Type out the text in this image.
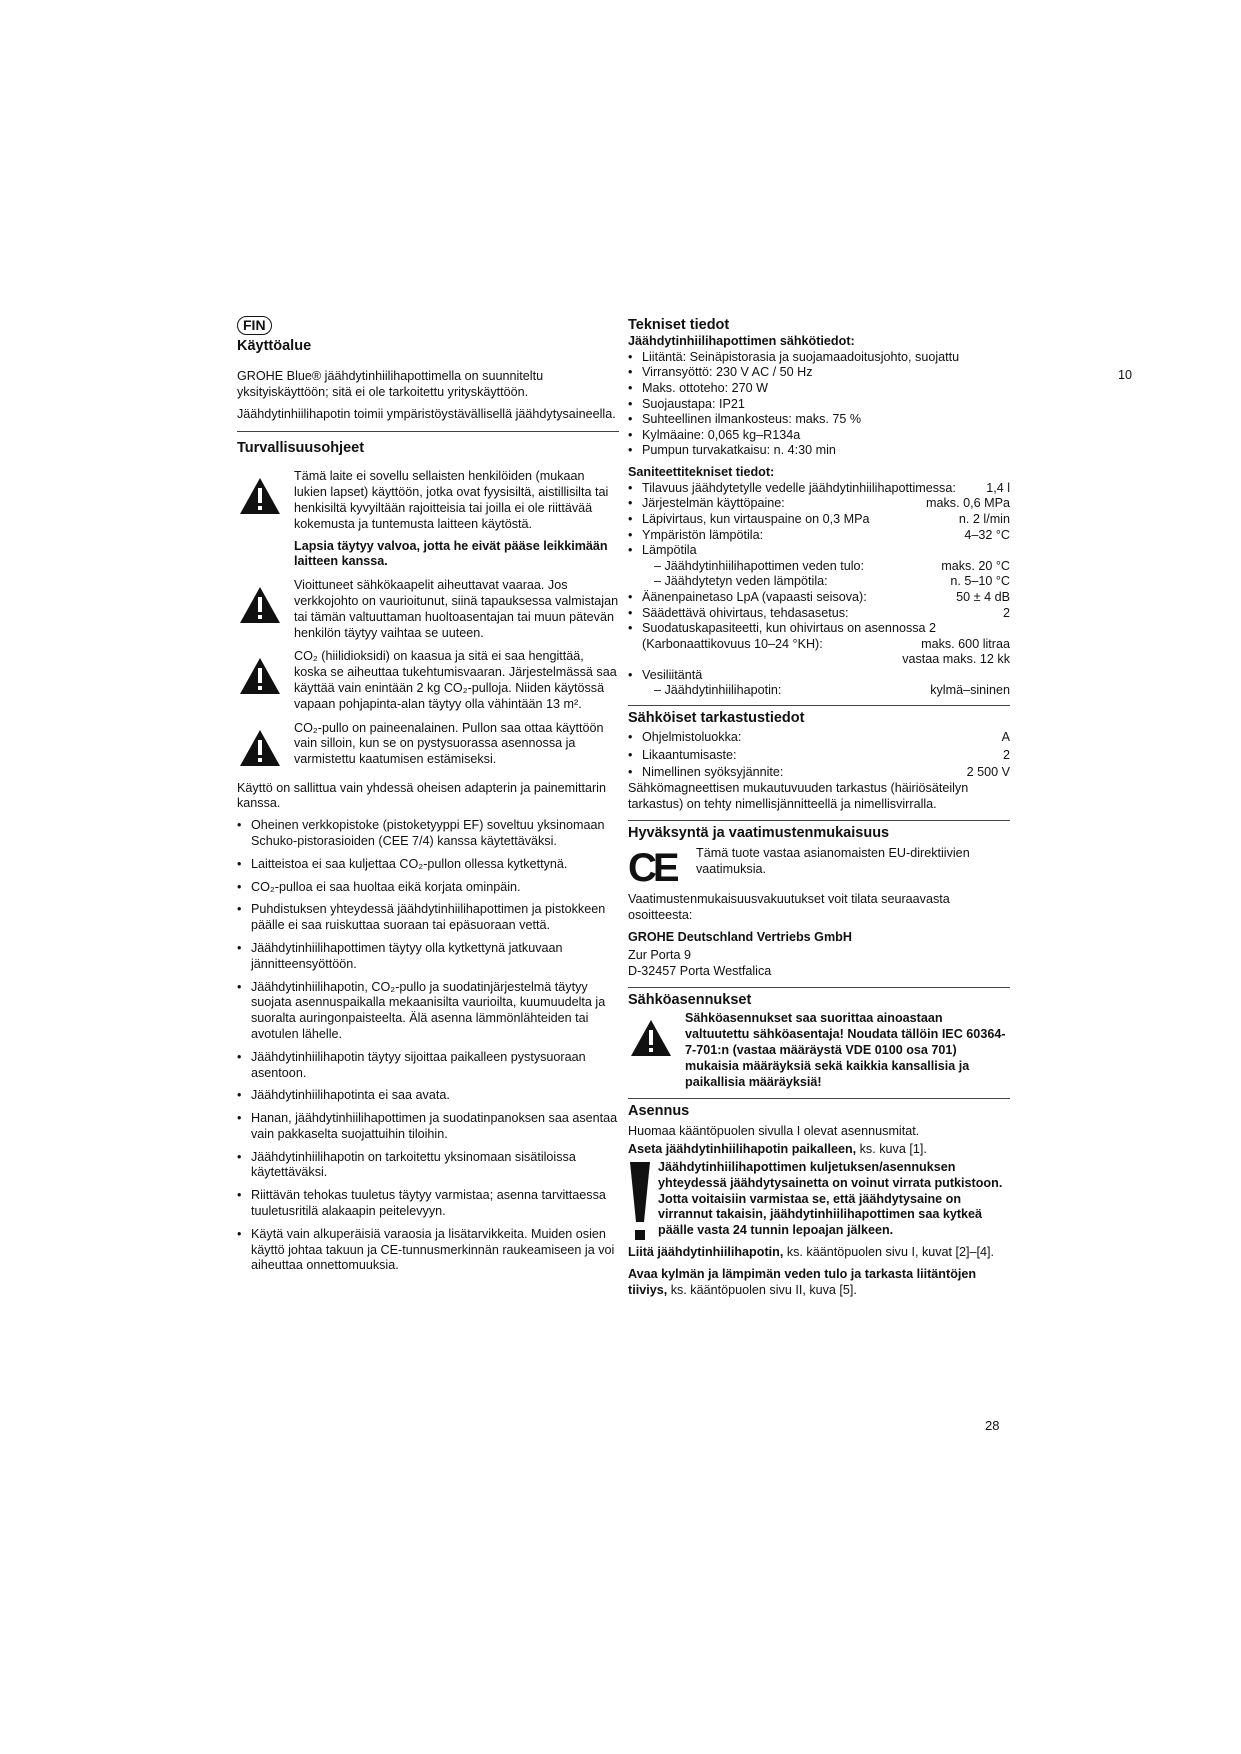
FIN
Käyttöalue

GROHE Blue® jäähdytinhiilihapottimella on suunniteltu yksityiskäyttöön; sitä ei ole tarkoitettu yrityskäyttöön.

Jäähdytinhiilihapotin toimii ympäristöystävällisellä jäähdytysaineella.

Turvallisuusohjeet

Tämä laite ei sovellu sellaisten henkilöiden (mukaan lukien lapset) käyttöön, jotka ovat fyysisiltä, aistillisilta tai henkisiltä kyvyiltään rajoitteisia tai joilla ei ole riittävää kokemusta ja tuntemusta laitteen käytöstä.

Lapsia täytyy valvoa, jotta he eivät pääse leikkimään laitteen kanssa.

Vioittuneet sähkökaapelit aiheuttavat vaaraa. Jos verkkojohto on vaurioitunut, siinä tapauksessa valmistajan tai tämän valtuuttaman huoltoasentajan tai muun pätevän henkilön täytyy vaihtaa se uuteen.

CO₂ (hiilidioksidi) on kaasua ja sitä ei saa hengittää, koska se aiheuttaa tukehtumisvaaran. Järjestelmässä saa käyttää vain enintään 2 kg CO₂-pulloja. Niiden käytössä vapaan pohjapinta-alan täytyy olla vähintään 13 m².

CO₂-pullo on paineenalainen. Pullon saa ottaa käyttöön vain silloin, kun se on pystysuorassa asennossa ja varmistettu kaatumisen estämiseksi.

Käyttö on sallittua vain yhdessä oheisen adapterin ja painemittarin kanssa.

• Oheinen verkkopistoke (pistoketyyppi EF) soveltuu yksinomaan Schuko-pistorasioiden (CEE 7/4) kanssa käytettäväksi.
• Laitteistoa ei saa kuljettaa CO₂-pullon ollessa kytkettynä.
• CO₂-pulloa ei saa huoltaa eikä korjata ominpäin.
• Puhdistuksen yhteydessä jäähdytinhiilihapottimen ja pistokkeen päälle ei saa ruiskuttaa suoraan tai epäsuoraan vettä.
• Jäähdytinhiilihapottimen täytyy olla kytkettynä jatkuvaan jännitteensyöttöön.
• Jäähdytinhiilihapotin, CO₂-pullo ja suodatinjärjestelmä täytyy suojata asennuspaikalla mekaanisilta vaurioilta, kuumuudelta ja suoralta auringonpaisteelta. Älä asenna lämmönlähteiden tai avotulen lähelle.
• Jäähdytinhiilihapotin täytyy sijoittaa paikalleen pystysuoraan asentoon.
• Jäähdytinhiilihapotinta ei saa avata.
• Hanan, jäähdytinhiilihapottimen ja suodatinpanoksen saa asentaa vain pakkaselta suojattuihin tiloihin.
• Jäähdytinhiilihapotin on tarkoitettu yksinomaan sisätiloissa käytettäväksi.
• Riittävän tehokas tuuletus täytyy varmistaa; asenna tarvittaessa tuuletusritilä alakaapin peitelevyyn.
• Käytä vain alkuperäisiä varaosia ja lisätarvikkeita. Muiden osien käyttö johtaa takuun ja CE-tunnusmerkinnän raukeamiseen ja voi aiheuttaa onnettomuuksia.
Tekniset tiedot
Jäähdytinhiilihapottimen sähkötiedot:
• Liitäntä: Seinäpistorasia ja suojamaadoitusjohto, suojattu
• Virransyöttö: 230 V AC / 50 Hz
• Maks. ottoteho: 270 W
• Suojaustapa: IP21
• Suhteellinen ilmankosteus: maks. 75 %
• Kylmäaine: 0,065 kg–R134a
• Pumpun turvakatkaisu: n. 4:30 min
Saniteettitekniset tiedot:
• Tilavuus jäähdytetylle vedelle jäähdytinhiilihapottimessa:	1,4 l
• Järjestelmän käyttöpaine:	maks. 0,6 MPa
• Läpivirtaus, kun virtauspaine on 0,3 MPa	n. 2 l/min
• Ympäristön lämpötila:	4–32 °C
• Lämpötila
– Jäähdytinhiilihapottimen veden tulo:	maks. 20 °C
– Jäähdytetyn veden lämpötila:	n. 5–10 °C
• Äänenpainetaso LpA (vapaasti seisova):	50 ± 4 dB
• Säädettävä ohivirtaus, tehdasasetus:	2
• Suodatuskapasiteetti, kun ohivirtaus on asennossa 2
(Karbonaattikovuus 10–24 °KH):	maks. 600 litraa
vastaa maks. 12 kk
• Vesiliitäntä
– Jäähdytinhiilihapotin:	kylmä–sininen
Sähköiset tarkastustiedot
• Ohjelmistoluokka:	A
• Likaantumisaste:	2
• Nimellinen syöksyjännite:	2 500 V

Sähkömagneettisen mukautuvuuden tarkastus (häiriösäteilyn tarkastus) on tehty nimellisjännitteellä ja nimellisvirralla.

Hyväksyntä ja vaatimustenmukaisuus
CE Tämä tuote vastaa asianomaisten EU-direktiivien vaatimuksia.

Vaatimustenmukaisuusvakuutukset voit tilata seuraavasta osoitteesta:

GROHE Deutschland Vertriebs GmbH
Zur Porta 9
D-32457 Porta Westfalica
Sähköasennukset

Sähköasennukset saa suorittaa ainoastaan valtuutettu sähköasentaja! Noudata tällöin IEC 60364-7-701:n (vastaa määräystä VDE 0100 osa 701) mukaisia määräyksiä sekä kaikkia kansallisia ja paikallisia määräyksiä!

Asennus

Huomaa kääntöpuolen sivulla I olevat asennusmitat.

Aseta jäähdytinhiilihapotin paikalleen, ks. kuva [1].

Jäähdytinhiilihapottimen kuljetuksen/asennuksen yhteydessä jäähdytysainetta on voinut virrata putkistoon. Jotta voitaisiin varmistaa se, että jäähdytysaine on virrannut takaisin, jäähdytinhiilihapottimen saa kytkeä päälle vasta 24 tunnin lepoajan jälkeen.

Liitä jäähdytinhiilihapotin, ks. kääntöpuolen sivu I, kuvat [2]–[4].

Avaa kylmän ja lämpimän veden tulo ja tarkasta liitäntöjen tiiviys, ks. kääntöpuolen sivu II, kuva [5].

10
28
